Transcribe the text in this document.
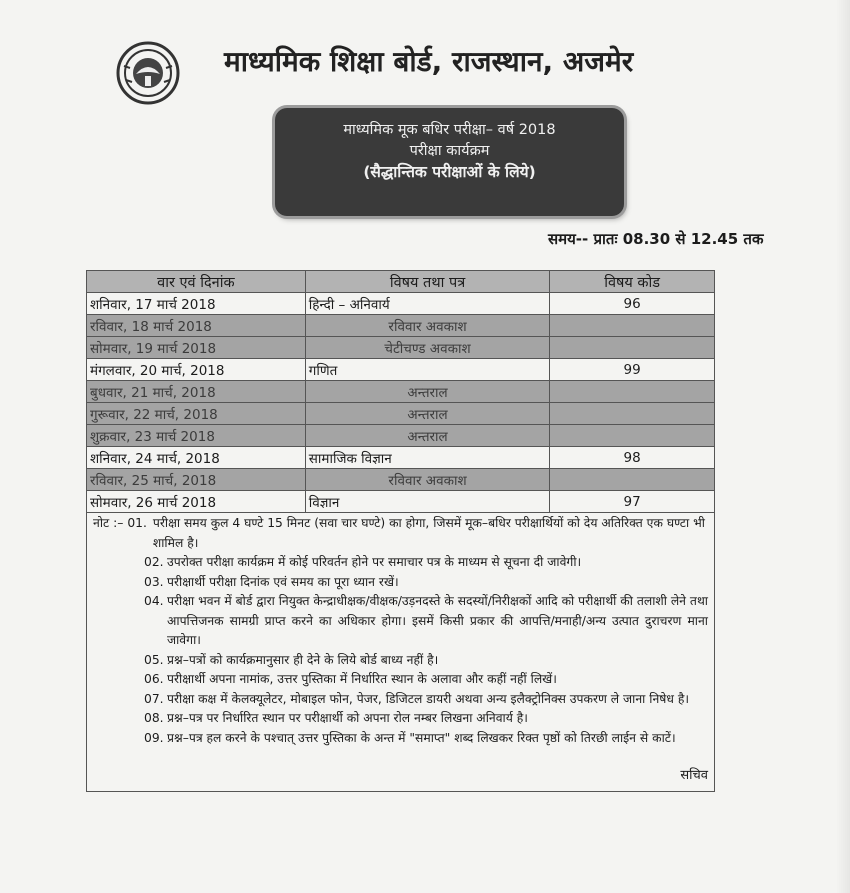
माध्यमिक शिक्षा बोर्ड, राजस्थान, अजमेर
माध्यमिक मूक बधिर परीक्षा– वर्ष 2018
परीक्षा कार्यक्रम
(सैद्धान्तिक परीक्षाओं के लिये)
समय-- प्रातः 08.30 से 12.45 तक
वार एवं दिनांक	विषय तथा पत्र	विषय कोड
शनिवार, 17 मार्च 2018	हिन्दी – अनिवार्य	96
रविवार, 18 मार्च 2018	रविवार अवकाश	
सोमवार, 19 मार्च 2018	चेटीचण्ड अवकाश	
मंगलवार, 20 मार्च, 2018	गणित	99
बुधवार, 21 मार्च, 2018	अन्तराल	
गुरूवार, 22 मार्च, 2018	अन्तराल	
शुक्रवार, 23 मार्च 2018	अन्तराल	
शनिवार, 24 मार्च, 2018	सामाजिक विज्ञान	98
रविवार, 25 मार्च, 2018	रविवार अवकाश	
सोमवार, 26 मार्च 2018	विज्ञान	97
नोट :– 01. परीक्षा समय कुल 4 घण्टे 15 मिनट (सवा चार घण्टे) का होगा, जिसमें मूक–बधिर परीक्षार्थियों को देय अतिरिक्त एक घण्टा भी शामिल है।
02. उपरोक्त परीक्षा कार्यक्रम में कोई परिवर्तन होने पर समाचार पत्र के माध्यम से सूचना दी जावेगी।
03. परीक्षार्थी परीक्षा दिनांक एवं समय का पूरा ध्यान रखें।
04. परीक्षा भवन में बोर्ड द्वारा नियुक्त केन्द्राधीक्षक/वीक्षक/उड़नदस्ते के सदस्यों/निरीक्षकों आदि को परीक्षार्थी की तलाशी लेने तथा आपत्तिजनक सामग्री प्राप्त करने का अधिकार होगा। इसमें किसी प्रकार की आपत्ति/मनाही/अन्य उत्पात दुराचरण माना जावेगा।
05. प्रश्न–पत्रों को कार्यक्रमानुसार ही देने के लिये बोर्ड बाध्य नहीं है।
06. परीक्षार्थी अपना नामांक, उत्तर पुस्तिका में निर्धारित स्थान के अलावा और कहीं नहीं लिखें।
07. परीक्षा कक्ष में केलक्यूलेटर, मोबाइल फोन, पेजर, डिजिटल डायरी अथवा अन्य इलैक्ट्रोनिक्स उपकरण ले जाना निषेध है।
08. प्रश्न–पत्र पर निर्धारित स्थान पर परीक्षार्थी को अपना रोल नम्बर लिखना अनिवार्य है।
09. प्रश्न–पत्र हल करने के पश्चात् उत्तर पुस्तिका के अन्त में "समाप्त" शब्द लिखकर रिक्त पृष्ठों को तिरछी लाईन से काटें।
सचिव
